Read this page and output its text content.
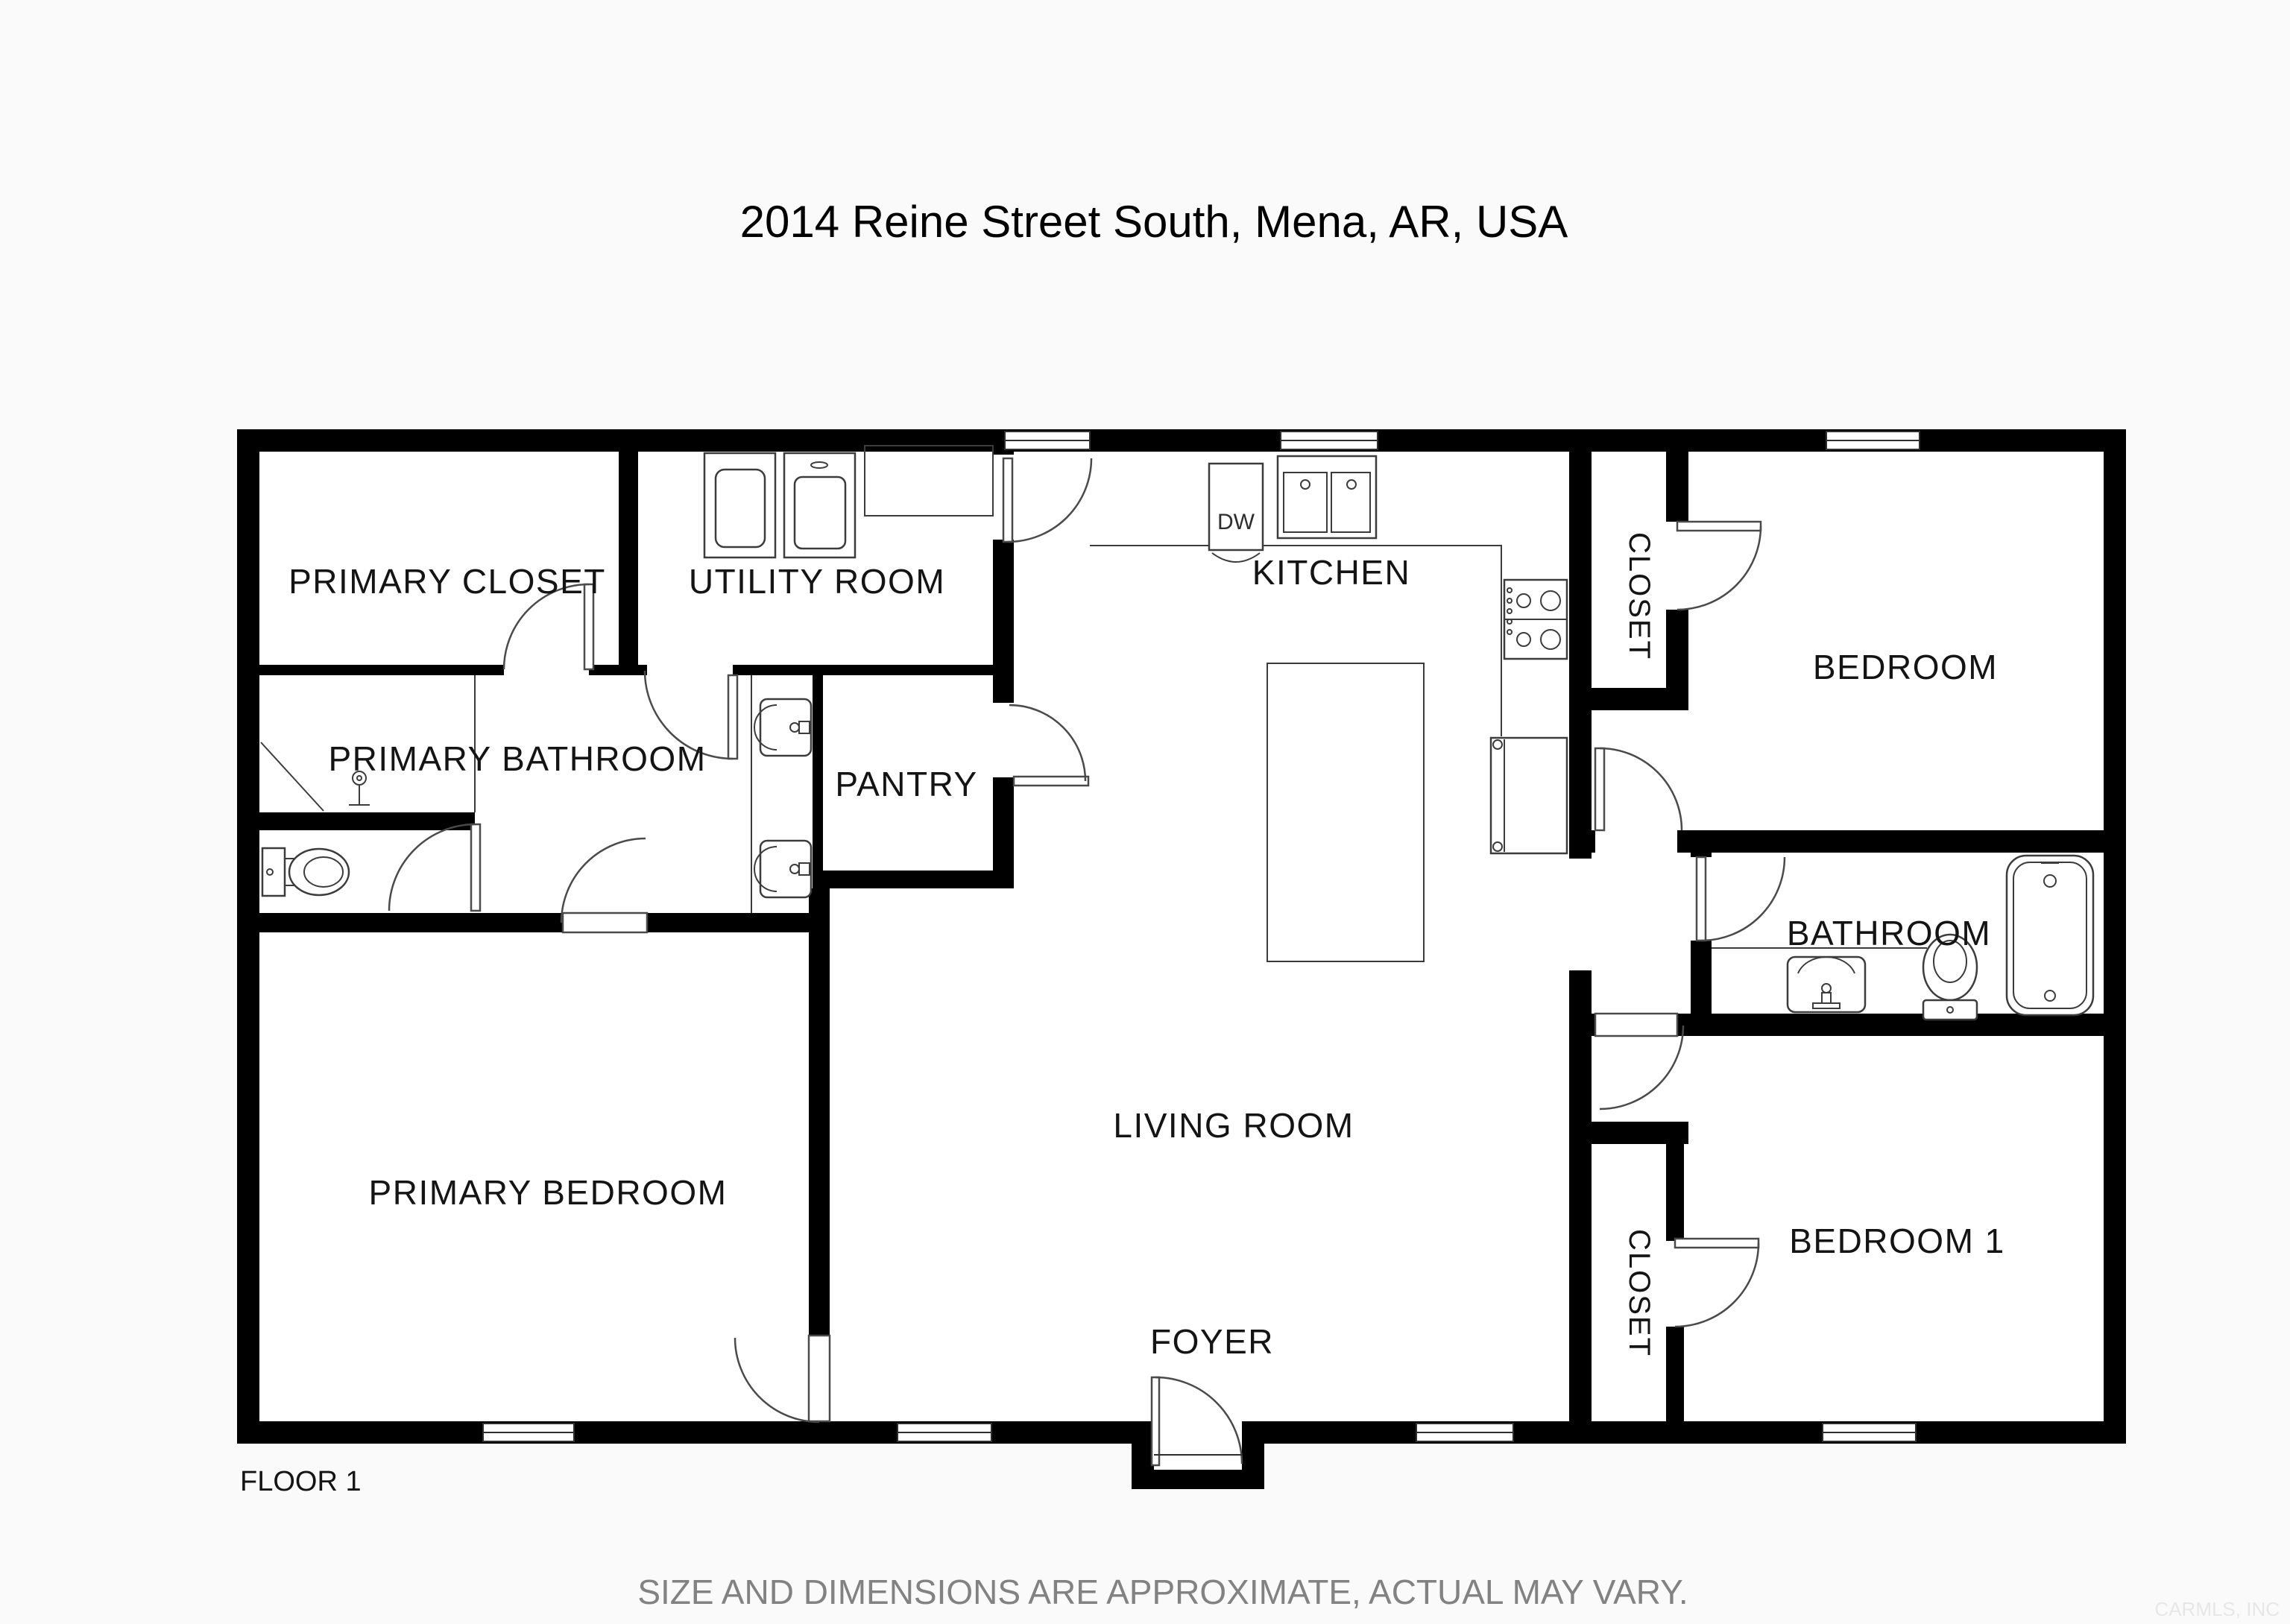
DW
2014 Reine Street South, Mena, AR, USA
PRIMARY CLOSET UTILITY ROOM	KITCHEN	CLOSET
BEDROOM
PRIMARY BATHROOM
PANTRY
BATHROOM
PRIMARY BEDROOM
LIVING ROOM
FOYER	CLOSET	BEDROOM 1
FLOOR 1
SIZE AND DIMENSIONS ARE APPROXIMATE, ACTUAL MAY VARY.	CARMLS, INC
